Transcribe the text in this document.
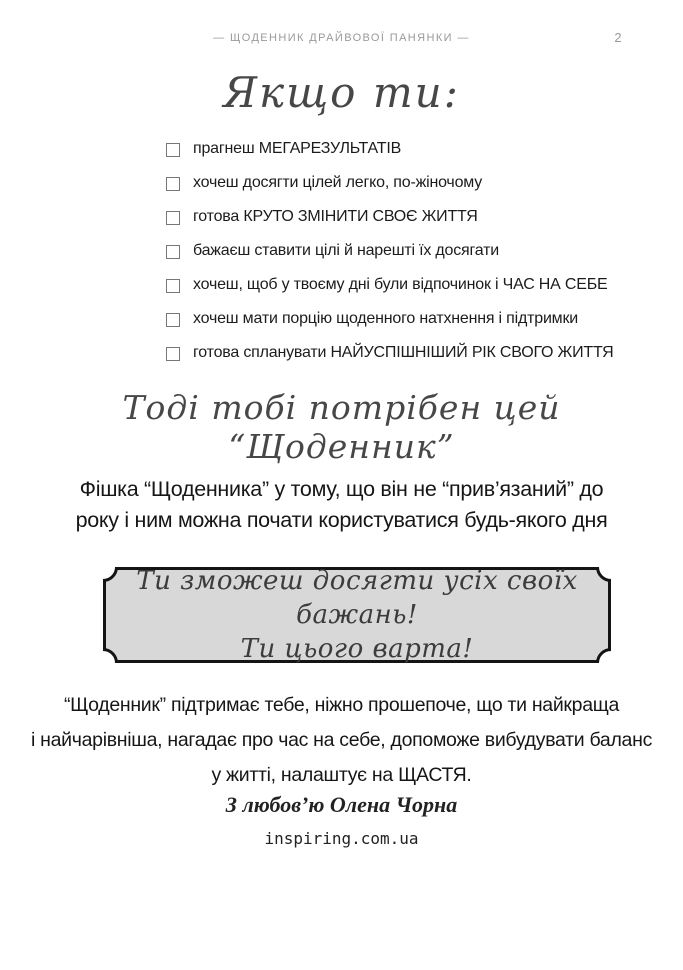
— ЩОДЕННИК ДРАЙВОВОЇ ПАНЯНКИ —	2
Якщо ти:
прагнеш МЕГАРЕЗУЛЬТАТІВ
хочеш досягти цілей легко, по-жіночому
готова КРУТО ЗМІНИТИ СВОЄ ЖИТТЯ
бажаєш ставити цілі й нарешті їх досягати
хочеш, щоб у твоєму дні були відпочинок і ЧАС НА СЕБЕ
хочеш мати порцію щоденного натхнення і підтримки
готова спланувати НАЙУСПІШНІШИЙ РІК СВОГО ЖИТТЯ
Тоді тобі потрібен цей “Щоденник”
Фішка “Щоденника” у тому, що він не “прив’язаний” до
року і ним можна почати користуватися будь-якого дня
Ти зможеш досягти усіх своїх бажань!
Ти цього варта!
“Щоденник” підтримає тебе, ніжно прошепоче, що ти найкраща
і найчарівніша, нагадає про час на себе, допоможе вибудувати баланс
у житті, налаштує на ЩАСТЯ.
З любов’ю Олена Чорна
inspiring.com.ua
